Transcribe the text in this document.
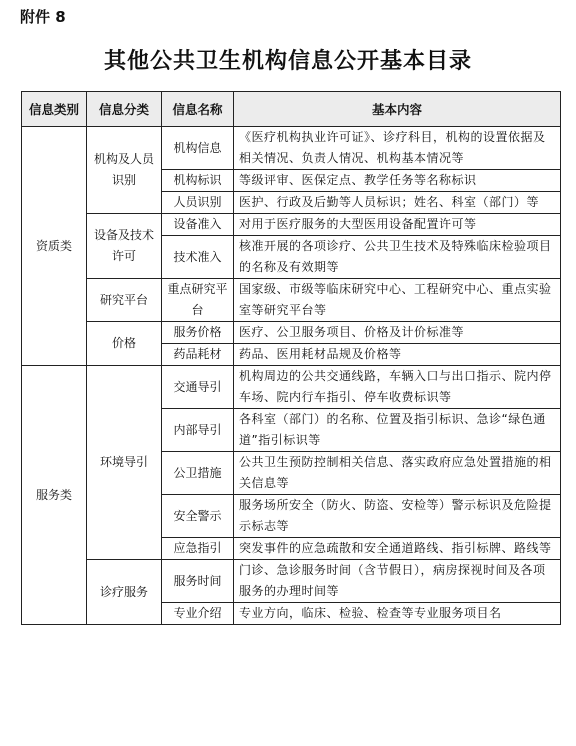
附件 8
其他公共卫生机构信息公开基本目录
信息类别	信息分类	信息名称	基本内容
资质类	机构及人员识别	机构信息	《医疗机构执业许可证》、诊疗科目，机构的设置依据及相关情况、负责人情况、机构基本情况等
		机构标识	等级评审、医保定点、教学任务等名称标识
		人员识别	医护、行政及后勤等人员标识；姓名、科室（部门）等
	设备及技术许可	设备准入	对用于医疗服务的大型医用设备配置许可等
		技术准入	核准开展的各项诊疗、公共卫生技术及特殊临床检验项目的名称及有效期等
	研究平台	重点研究平台	国家级、市级等临床研究中心、工程研究中心、重点实验室等研究平台等
	价格	服务价格	医疗、公卫服务项目、价格及计价标准等
		药品耗材	药品、医用耗材品规及价格等
服务类	环境导引	交通导引	机构周边的公共交通线路，车辆入口与出口指示、院内停车场、院内行车指引、停车收费标识等
		内部导引	各科室（部门）的名称、位置及指引标识、急诊“绿色通道”指引标识等
		公卫措施	公共卫生预防控制相关信息、落实政府应急处置措施的相关信息等
		安全警示	服务场所安全（防火、防盗、安检等）警示标识及危险提示标志等
		应急指引	突发事件的应急疏散和安全通道路线、指引标牌、路线等
	诊疗服务	服务时间	门诊、急诊服务时间（含节假日），病房探视时间及各项服务的办理时间等
		专业介绍	专业方向，临床、检验、检查等专业服务项目名
